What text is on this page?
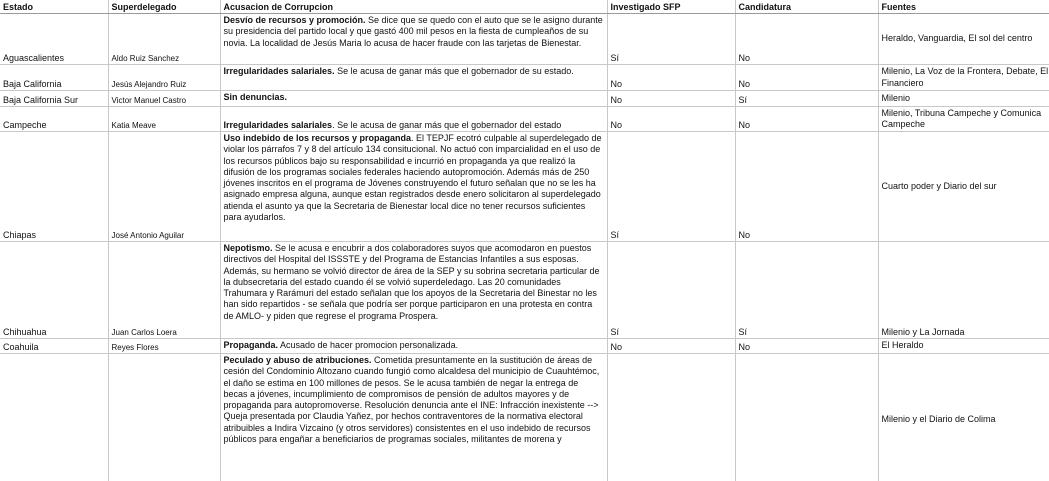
Estado	Superdelegado	Acusacion de Corrupcion	Investigado SFP	Candidatura	Fuentes
Aguascalientes	Aldo Ruiz Sanchez	Desvío de recursos y promoción. Se dice que se quedo con el auto que se le asigno durante su presidencia del partido local y que gastó 400 mil pesos en la fiesta de cumpleaños de su novia. La localidad de Jesús Maria lo acusa de hacer fraude con las tarjetas de Bienestar.	Sí	No	Heraldo, Vanguardia, El sol del centro
Baja California	Jesús Alejandro Ruiz	Irregularidades salariales. Se le acusa de ganar más que el gobernador de su estado.	No	No	Milenio, La Voz de la Frontera, Debate, El Financiero
Baja California Sur	Victor Manuel Castro	Sin denuncias.	No	Sí	Milenio
Campeche	Katia Meave	Irregularidades salariales. Se le acusa de ganar más que el gobernador del estado	No	No	Milenio, Tribuna Campeche y Comunica Campeche
Chiapas	José Antonio Aguilar	Uso indebido de los recursos y propaganda. El TEPJF ecotró culpable al superdelegado de violar los párrafos 7 y 8 del artículo 134 consitucional. No actuó con imparcialidad en el uso de los recursos públicos bajo su responsabilidad e incurrió en propaganda ya que realizó la difusión de los programas sociales federales haciendo autopromoción. Además más de 250 jóvenes inscritos en el programa de Jóvenes construyendo el futuro señalan que no se les ha asignado empresa alguna, aunque estan registrados desde enero solicitaron al superdelegado atienda el asunto ya que la Secretaria de Bienestar local dice no tener recursos suficientes para ayudarlos.	Sí	No	Cuarto poder y Diario del sur
Chihuahua	Juan Carlos Loera	Nepotismo. Se le acusa e encubrir a dos colaboradores suyos que acomodaron en puestos directivos del Hospital del ISSSTE y del Programa de Estancias Infantiles a sus esposas. Además, su hermano se volvió director de área de la SEP y su sobrina secretaria particular de la dubsecretaria del estado cuando él se volvió superdeledago. Las 20 comunidades Trahumara y Rarámuri del estado señalan que los apoyos de la Secretaria del Binestar no les han sido repartidos - se señala que podría ser porque participaron en una protesta en contra de AMLO- y piden que regrese el programa Prospera.	Sí	Sí	Milenio y La Jornada
Coahuila	Reyes Flores	Propaganda. Acusado de hacer promocion personalizada.	No	No	El Heraldo
		Peculado y abuso de atribuciones. Cometida presuntamente en la sustitución de áreas de cesión del Condominio Altozano cuando fungió como alcaldesa del municipio de Cuauhtémoc, el daño se estima en 100 millones de pesos. Se le acusa también de negar la entrega de becas a jóvenes, incumplimiento de compromisos de pensión de adultos mayores y de propaganda para autopromoverse. Resolución denuncia ante el INE: Infracción inexistente --> Queja presentada por Claudia Yañez, por hechos contraventores de la normativa electoral atribuibles a Indira Vizcaino (y otros servidores) consistentes en el uso indebido de recursos públicos para engañar a beneficiarios de programas sociales, militantes de morena y			Milenio y el Diario de Colima
